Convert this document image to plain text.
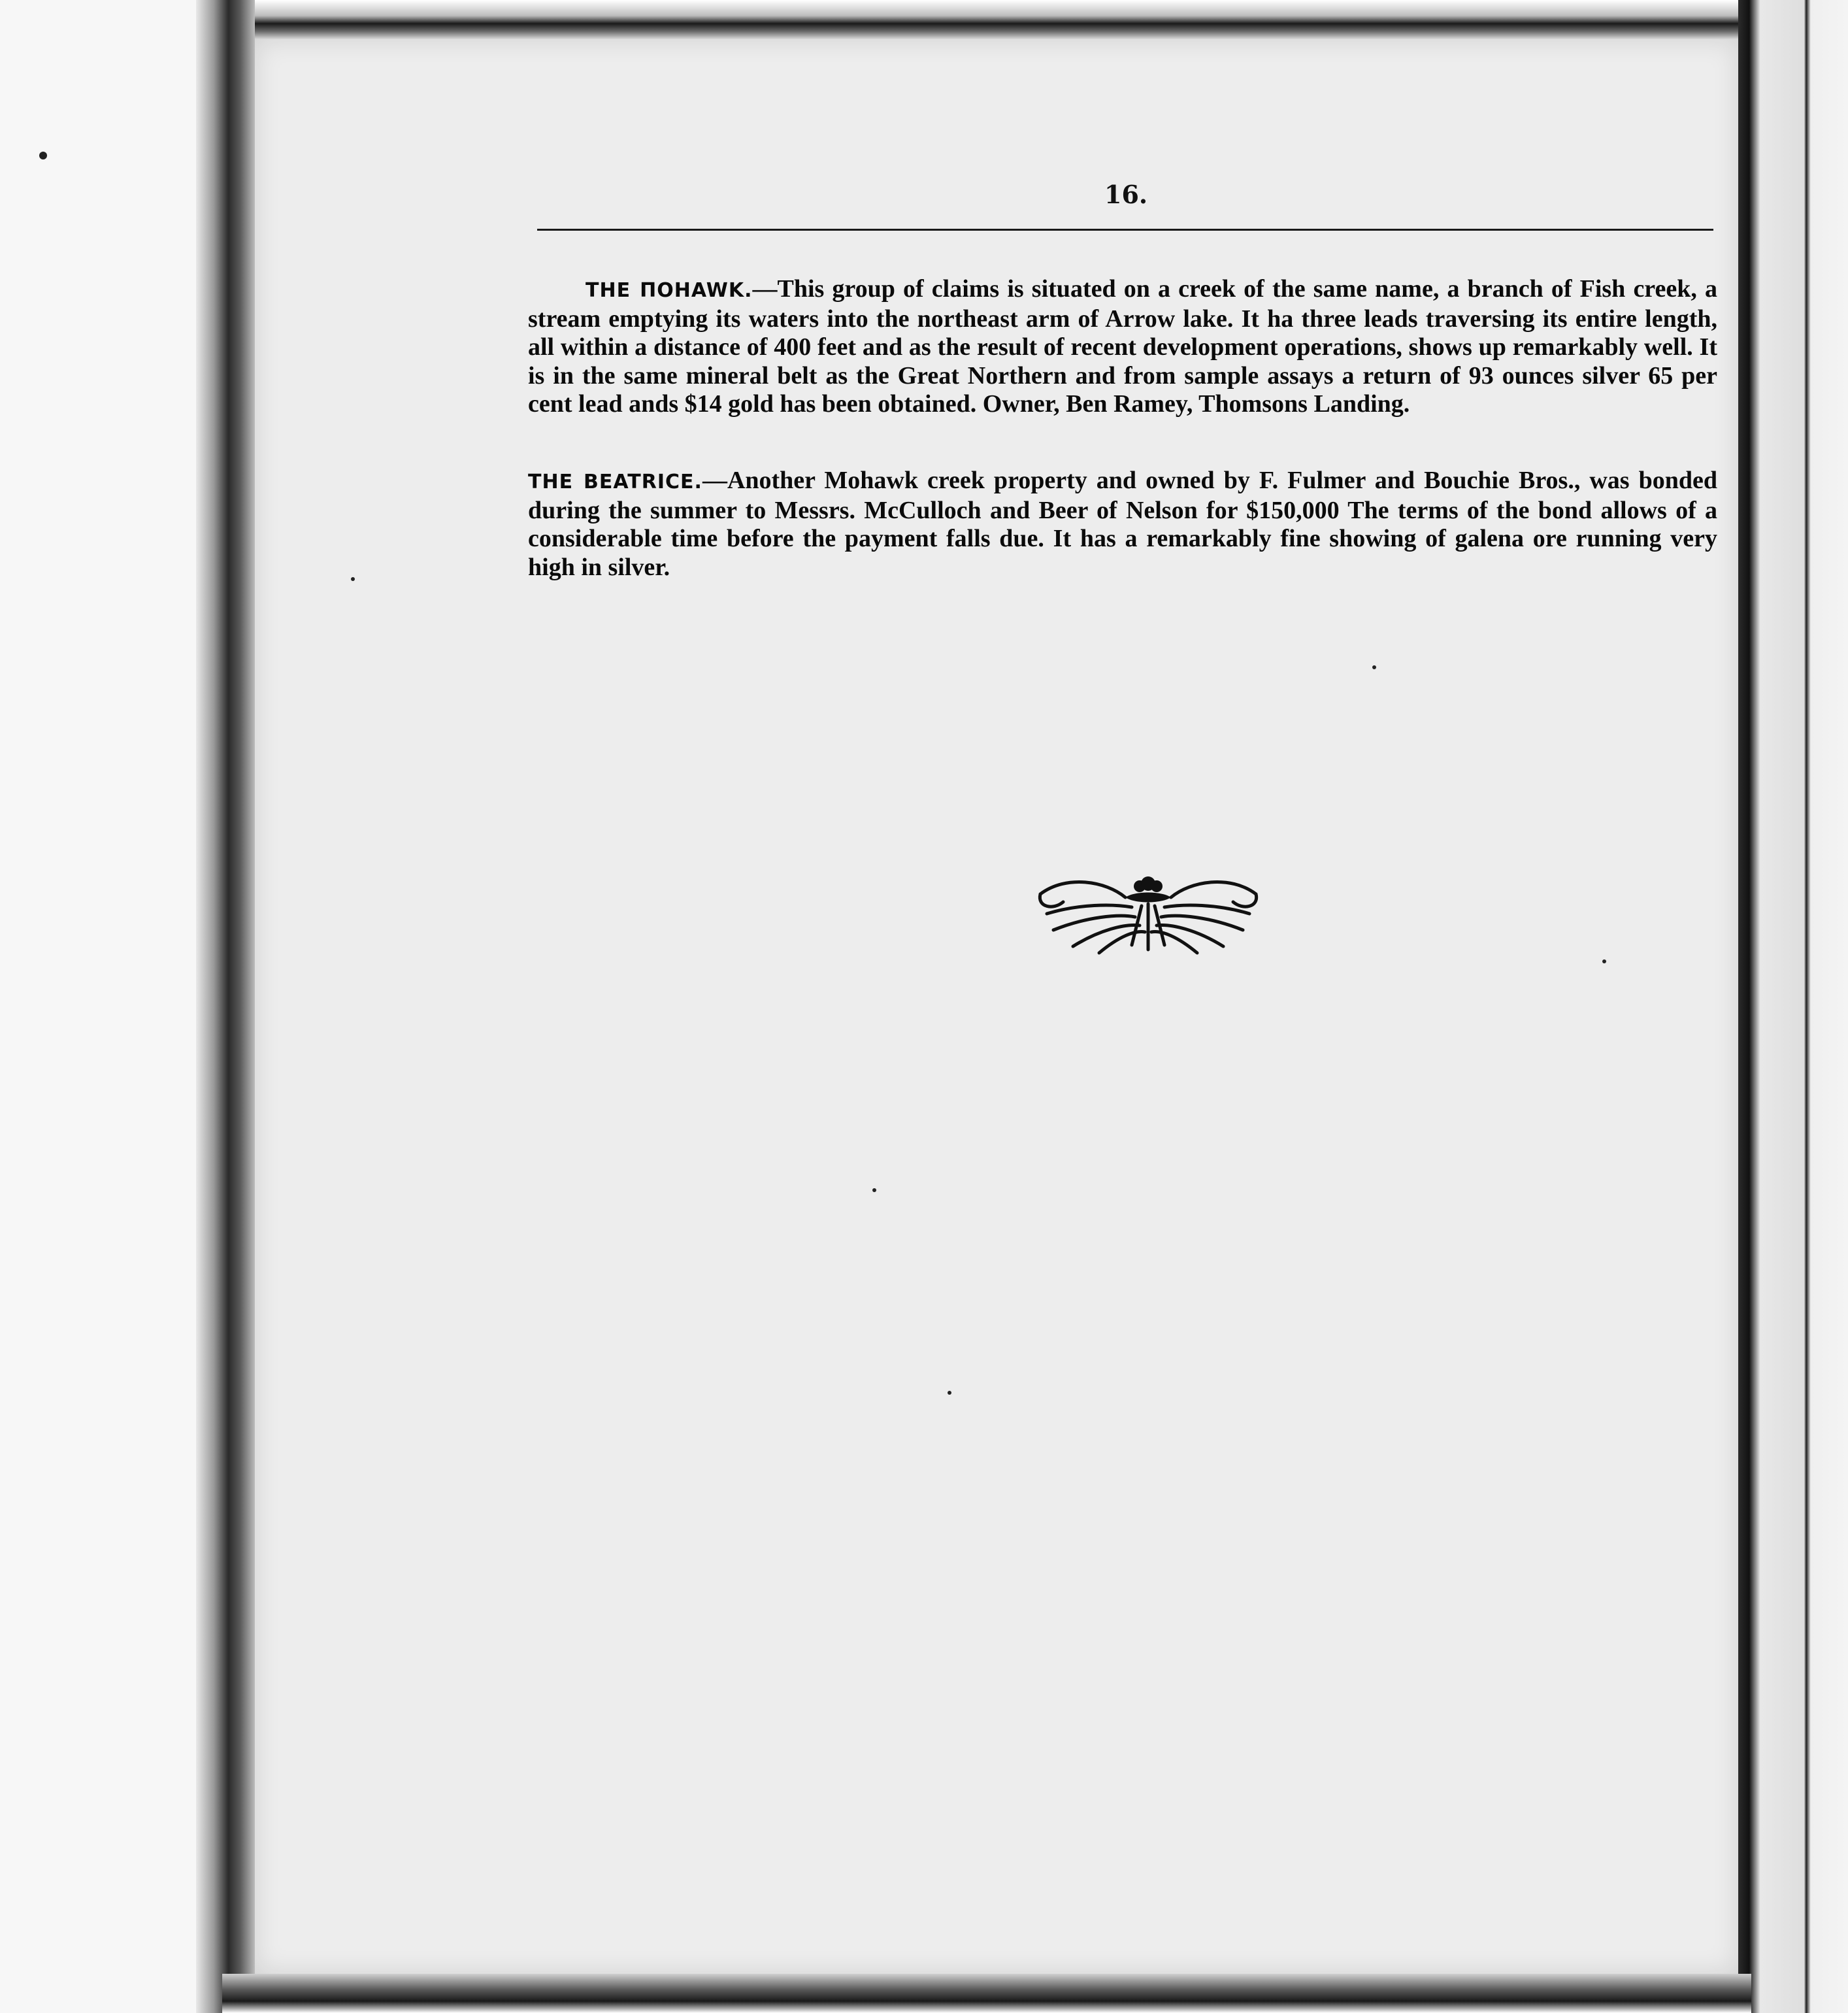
16.

THE ΠOHAWK.—This group of claims is situated on a creek of the same name, a branch of Fish creek, a stream emptying its waters into the northeast arm of Arrow lake. It ha three leads traversing its entire length, all within a distance of 400 feet and as the result of recent development operations, shows up remarkably well. It is in the same mineral belt as the Great Northern and from sample assays a return of 93 ounces silver 65 per cent lead ands $14 gold has been obtained. Owner, Ben Ramey, Thomsons Landing.

THE BEATRICE.—Another Mohawk creek property and owned by F. Fulmer and Bouchie Bros., was bonded during the summer to Messrs. McCulloch and Beer of Nelson for $150,000 The terms of the bond allows of a considerable time before the payment falls due. It has a remarkably fine showing of galena ore running very high in silver.
